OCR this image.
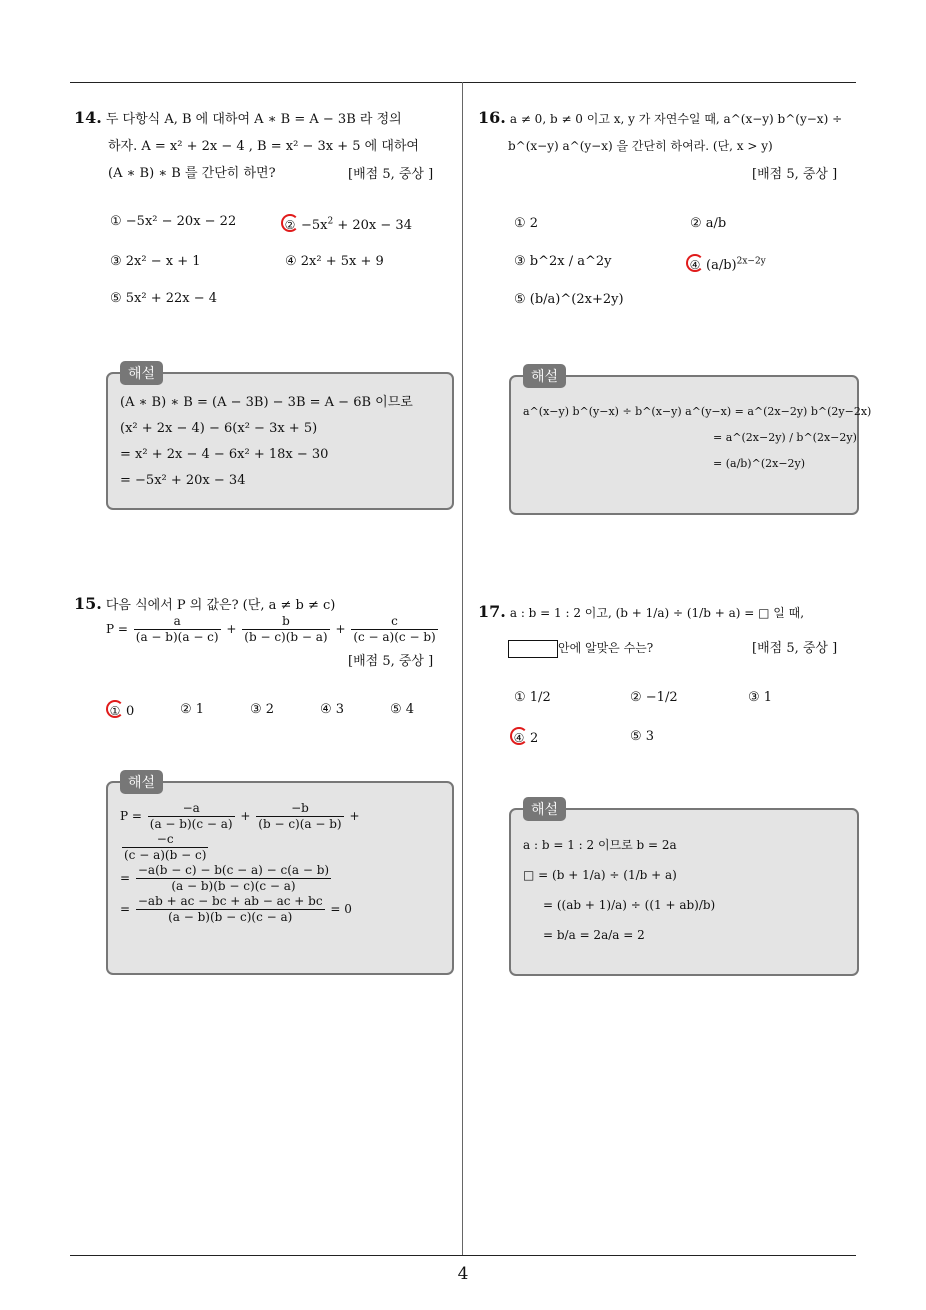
4
14. 두 다항식 A, B 에 대하여 A ∗ B = A − 3B 라 정의
하자. A = x² + 2x − 4 , B = x² − 3x + 5 에 대하여
(A ∗ B) ∗ B 를 간단히 하면?	[배점 5, 중상 ]
① −5x² − 20x − 22	② $-5x^2 + 20x - 34$
③ 2x² − x + 1	④ 2x² + 5x + 9
⑤ 5x² + 22x − 4
해설
(A ∗ B) ∗ B = (A − 3B) − 3B = A − 6B 이므로
(x² + 2x − 4) − 6(x² − 3x + 5)
= x² + 2x − 4 − 6x² + 18x − 30
= −5x² + 20x − 34
15. 다음 식에서 P 의 값은? (단, a ≠ b ≠ c)
$P = \frac{a}{(a - b)(a - c)} + \frac{b}{(b - c)(b - a)} + \frac{c}{(c - a)(c - b)}$
[배점 5, 중상 ]
① 0	② 1	③ 2	④ 3	⑤ 4
해설
$P = \frac{-a}{(a - b)(c - a)} + \frac{-b}{(b - c)(a - b)}$ +
$\frac{-c}{(c - a)(b - c)}$
= $\frac{-a(b - c) - b(c - a) - c(a - b)}{(a - b)(b - c)(c - a)}$
= $\frac{-ab + ac - bc + ab - ac + bc}{(a - b)(b - c)(c - a)} = 0$
16. a ≠ 0, b ≠ 0 이고 x, y 가 자연수일 때, a^(x−y) b^(y−x) ÷
b^(x−y) a^(y−x) 을 간단히 하여라. (단, x > y)
[배점 5, 중상 ]
① 2	② a/b
③ b^2x / a^2y	④ $(a/b)^{2x-2y}$
⑤ (b/a)^(2x+2y)
해설
a^(x−y) b^(y−x) ÷ b^(x−y) a^(y−x) = a^(2x−2y) b^(2y−2x)
= a^(2x−2y) / b^(2x−2y)
= (a/b)^(2x−2y)
17. a : b = 1 : 2 이고, (b + 1/a) ÷ (1/b + a) = □ 일 때,
안에 알맞은 수는?	[배점 5, 중상 ]
① 1/2	② −1/2	③ 1
④ 2	⑤ 3
해설
a : b = 1 : 2 이므로 b = 2a
□ = (b + 1/a) ÷ (1/b + a)
= ((ab + 1)/a) ÷ ((1 + ab)/b)
= b/a = 2a/a = 2
